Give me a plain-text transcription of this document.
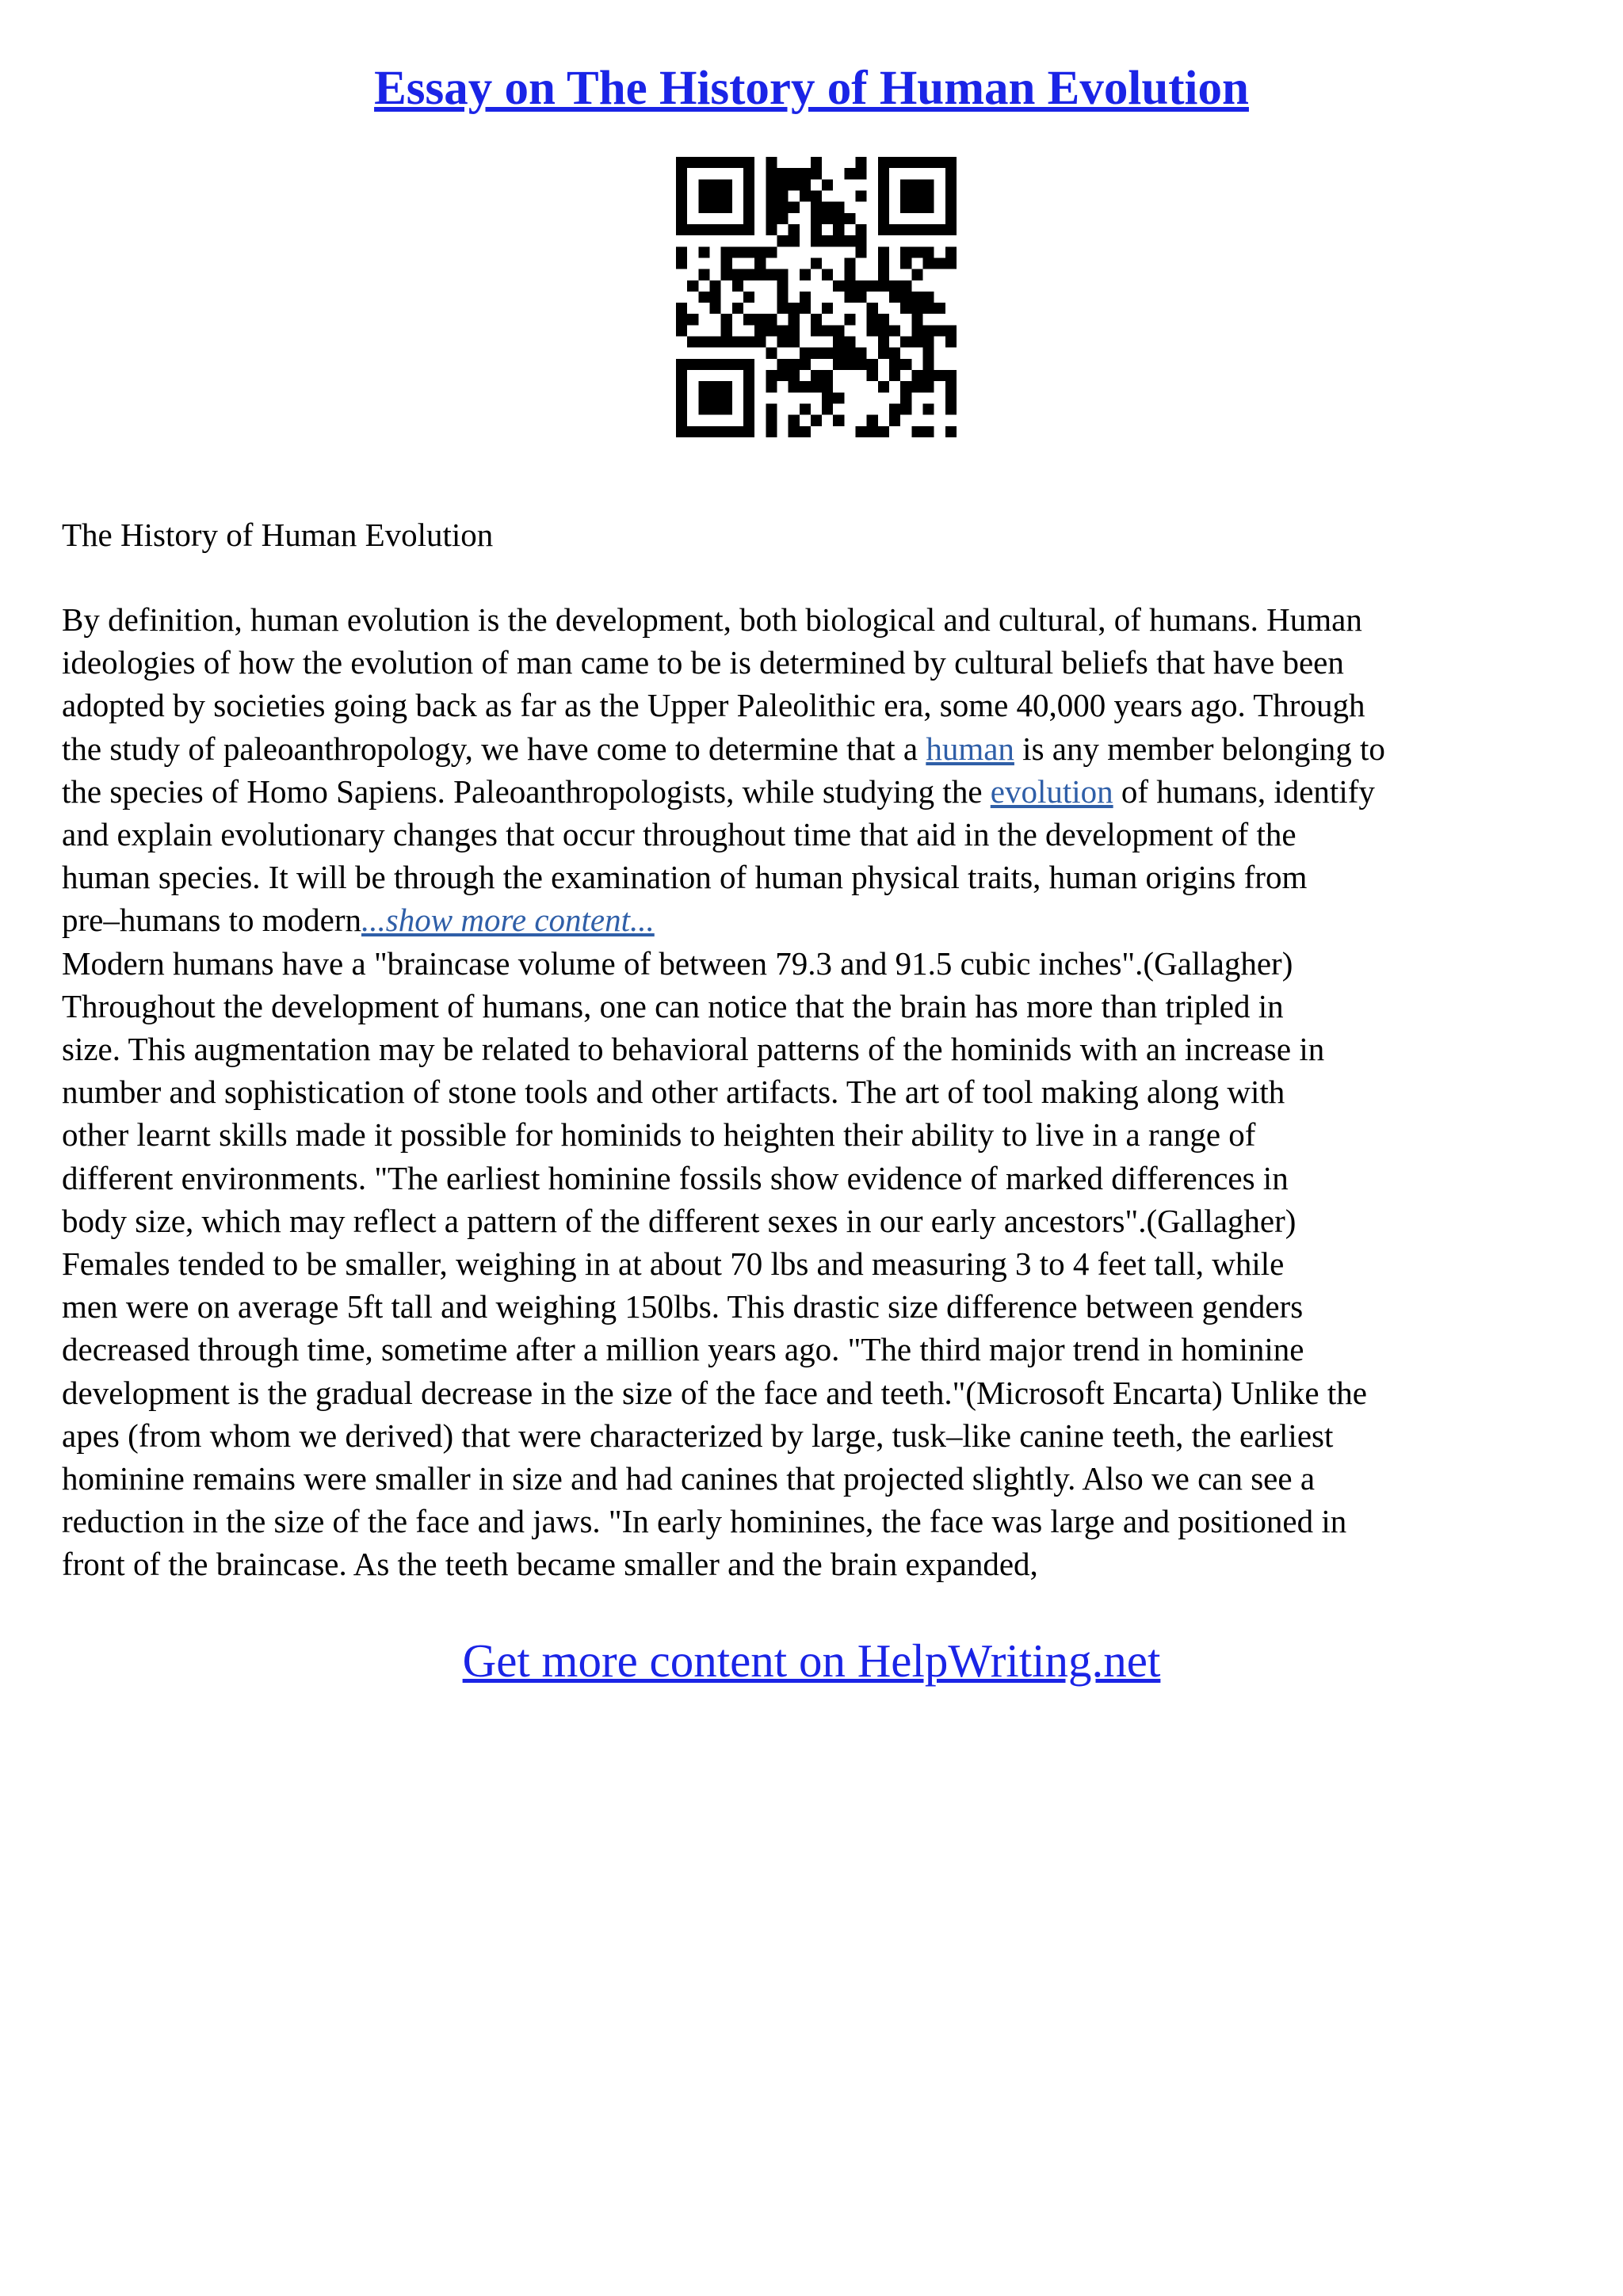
Essay on The History of Human Evolution
The History of Human Evolution
By definition, human evolution is the development, both biological and cultural, of humans. Human
ideologies of how the evolution of man came to be is determined by cultural beliefs that have been
adopted by societies going back as far as the Upper Paleolithic era, some 40,000 years ago. Through
the study of paleoanthropology, we have come to determine that a human is any member belonging to
the species of Homo Sapiens. Paleoanthropologists, while studying the evolution of humans, identify
and explain evolutionary changes that occur throughout time that aid in the development of the
human species. It will be through the examination of human physical traits, human origins from
pre–humans to modern...show more content...
Modern humans have a "braincase volume of between 79.3 and 91.5 cubic inches".(Gallagher)
Throughout the development of humans, one can notice that the brain has more than tripled in
size. This augmentation may be related to behavioral patterns of the hominids with an increase in
number and sophistication of stone tools and other artifacts. The art of tool making along with
other learnt skills made it possible for hominids to heighten their ability to live in a range of
different environments. "The earliest hominine fossils show evidence of marked differences in
body size, which may reflect a pattern of the different sexes in our early ancestors".(Gallagher)
Females tended to be smaller, weighing in at about 70 lbs and measuring 3 to 4 feet tall, while
men were on average 5ft tall and weighing 150lbs. This drastic size difference between genders
decreased through time, sometime after a million years ago. "The third major trend in hominine
development is the gradual decrease in the size of the face and teeth."(Microsoft Encarta) Unlike the
apes (from whom we derived) that were characterized by large, tusk–like canine teeth, the earliest
hominine remains were smaller in size and had canines that projected slightly. Also we can see a
reduction in the size of the face and jaws. "In early hominines, the face was large and positioned in
front of the braincase. As the teeth became smaller and the brain expanded,
Get more content on HelpWriting.net
